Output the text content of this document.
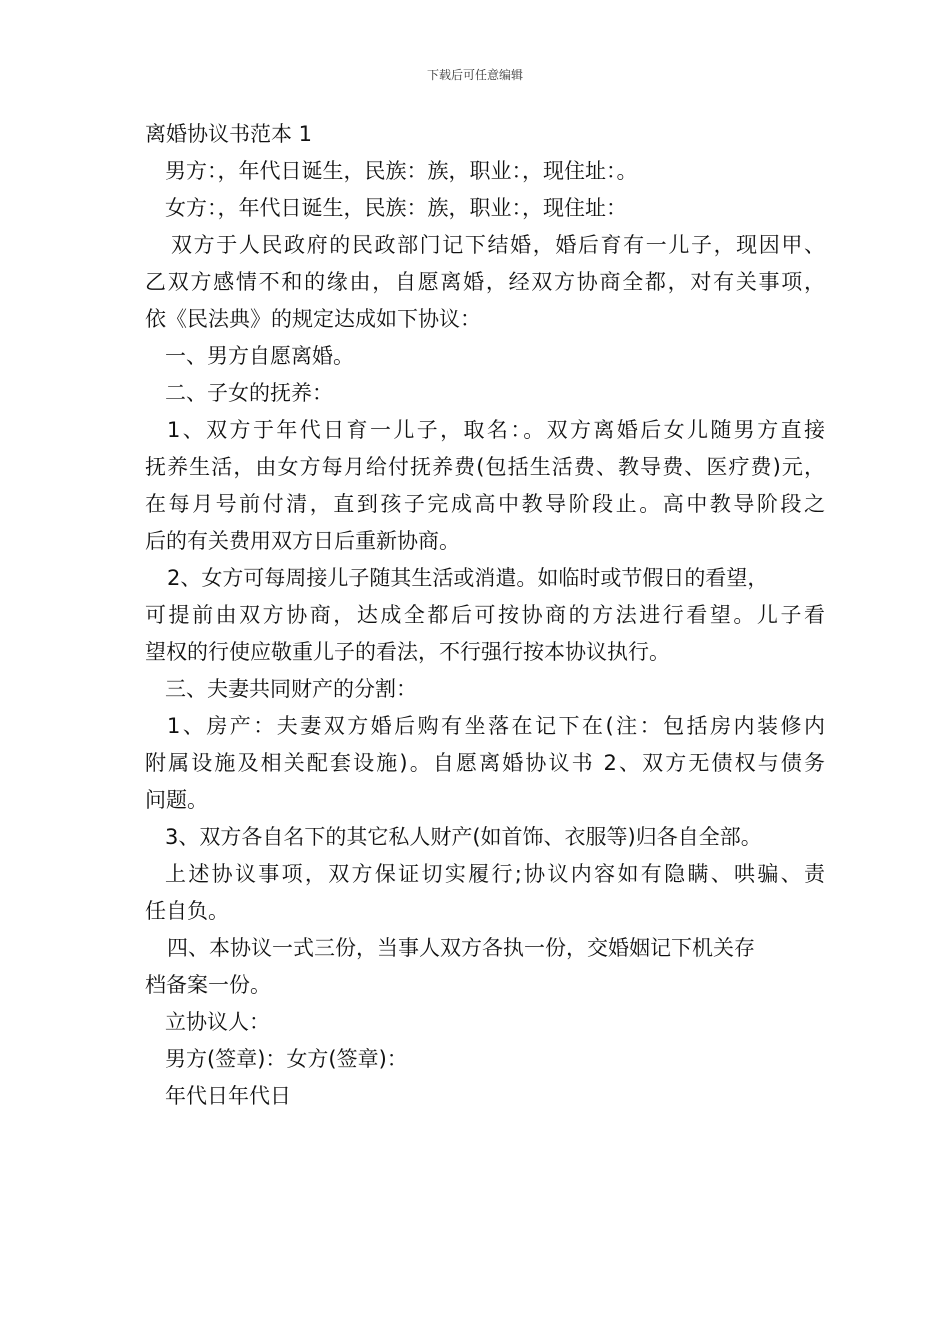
下载后可任意编辑

离婚协议书范本 1

男方：，年代日诞生，民族：族，职业：，现住址：。

女方：，年代日诞生，民族：族，职业：，现住址：

双方于人民政府的民政部门记下结婚，婚后育有一儿子，现因甲、

乙双方感情不和的缘由，自愿离婚，经双方协商全都，对有关事项，

依《民法典》的规定达成如下协议：

一、男方自愿离婚。

二、子女的抚养：

1、双方于年代日育一儿子，取名：。双方离婚后女儿随男方直接

抚养生活，由女方每月给付抚养费(包括生活费、教导费、医疗费)元，

在每月号前付清，直到孩子完成高中教导阶段止。高中教导阶段之

后的有关费用双方日后重新协商。

2、女方可每周接儿子随其生活或消遣。如临时或节假日的看望，

可提前由双方协商，达成全都后可按协商的方法进行看望。儿子看

望权的行使应敬重儿子的看法，不行强行按本协议执行。

三、夫妻共同财产的分割：

1、房产：夫妻双方婚后购有坐落在记下在(注：包括房内装修内

附属设施及相关配套设施)。自愿离婚协议书 2、双方无债权与债务

问题。

3、双方各自名下的其它私人财产(如首饰、衣服等)归各自全部。

上述协议事项，双方保证切实履行;协议内容如有隐瞒、哄骗、责

任自负。

四、本协议一式三份，当事人双方各执一份，交婚姻记下机关存

档备案一份。

立协议人：

男方(签章)：女方(签章)：

年代日年代日
